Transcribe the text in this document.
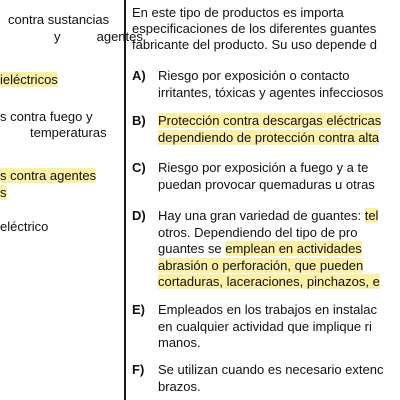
contra sustancias
y          agentes
ieléctricos
s contra fuego y
temperaturas
s contra agentes
s
eléctrico
En este tipo de productos es importa
especificaciones de los diferentes guantes
fabricante del producto. Su uso depende d
A) Riesgo por exposición o contacto
irritantes, tóxicas y agentes infecciosos
B) Protección contra descargas eléctricas
dependiendo de protección contra alta
C) Riesgo por exposición a fuego y a te
puedan provocar quemaduras u otras
D) Hay una gran variedad de guantes: tel
otros. Dependiendo del tipo de pro
guantes se emplean en actividades
abrasión o perforación, que pueden
cortaduras, laceraciones, pinchazos, e
E) Empleados en los trabajos en instalac
en cualquier actividad que implique ri
manos.
F) Se utilizan cuando es necesario extenc
brazos.
